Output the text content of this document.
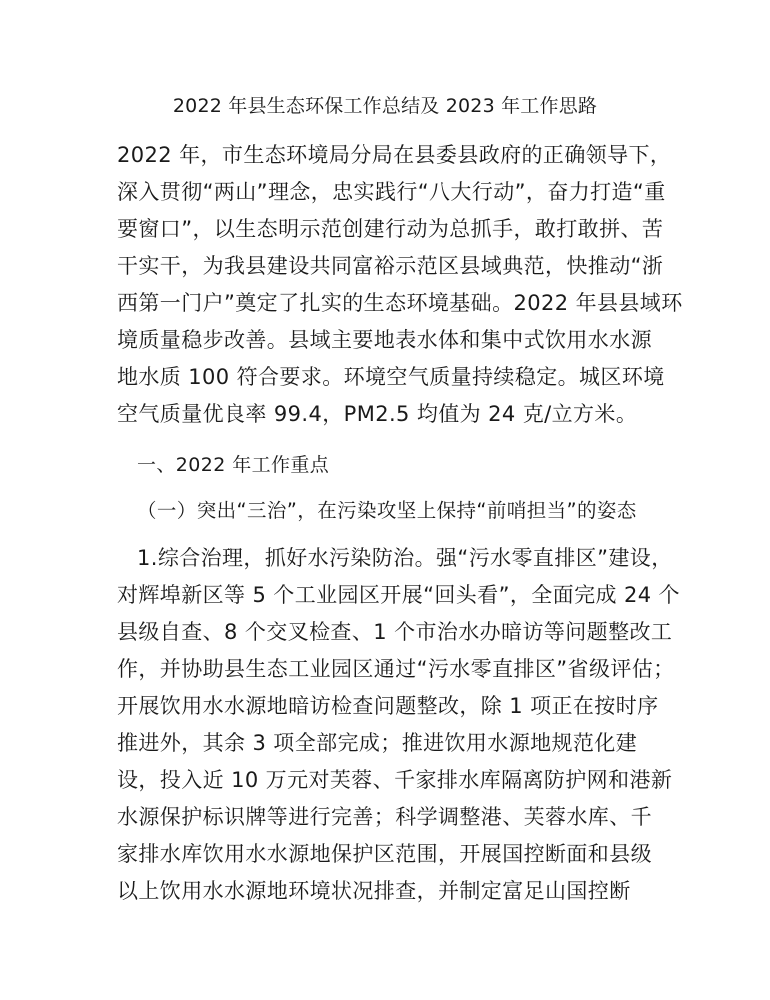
2022 年县生态环保工作总结及 2023 年工作思路
2022 年，市生态环境局分局在县委县政府的正确领导下，
深入贯彻“两山”理念，忠实践行“八大行动”，奋力打造“重
要窗口”，以生态明示范创建行动为总抓手，敢打敢拼、苦
干实干，为我县建设共同富裕示范区县域典范，快推动“浙
西第一门户”奠定了扎实的生态环境基础。2022 年县县域环
境质量稳步改善。县域主要地表水体和集中式饮用水水源
地水质 100 符合要求。环境空气质量持续稳定。城区环境
空气质量优良率 99.4，PM2.5 均值为 24 克/立方米。
一、2022 年工作重点
（一）突出“三治”，在污染攻坚上保持“前哨担当”的姿态
1.综合治理，抓好水污染防治。强“污水零直排区”建设，
对辉埠新区等 5 个工业园区开展“回头看”，全面完成 24 个
县级自查、8 个交叉检查、1 个市治水办暗访等问题整改工
作，并协助县生态工业园区通过“污水零直排区”省级评估；
开展饮用水水源地暗访检查问题整改，除 1 项正在按时序
推进外，其余 3 项全部完成；推进饮用水源地规范化建
设，投入近 10 万元对芙蓉、千家排水库隔离防护网和港新
水源保护标识牌等进行完善；科学调整港、芙蓉水库、千
家排水库饮用水水源地保护区范围，开展国控断面和县级
以上饮用水水源地环境状况排查，并制定富足山国控断
